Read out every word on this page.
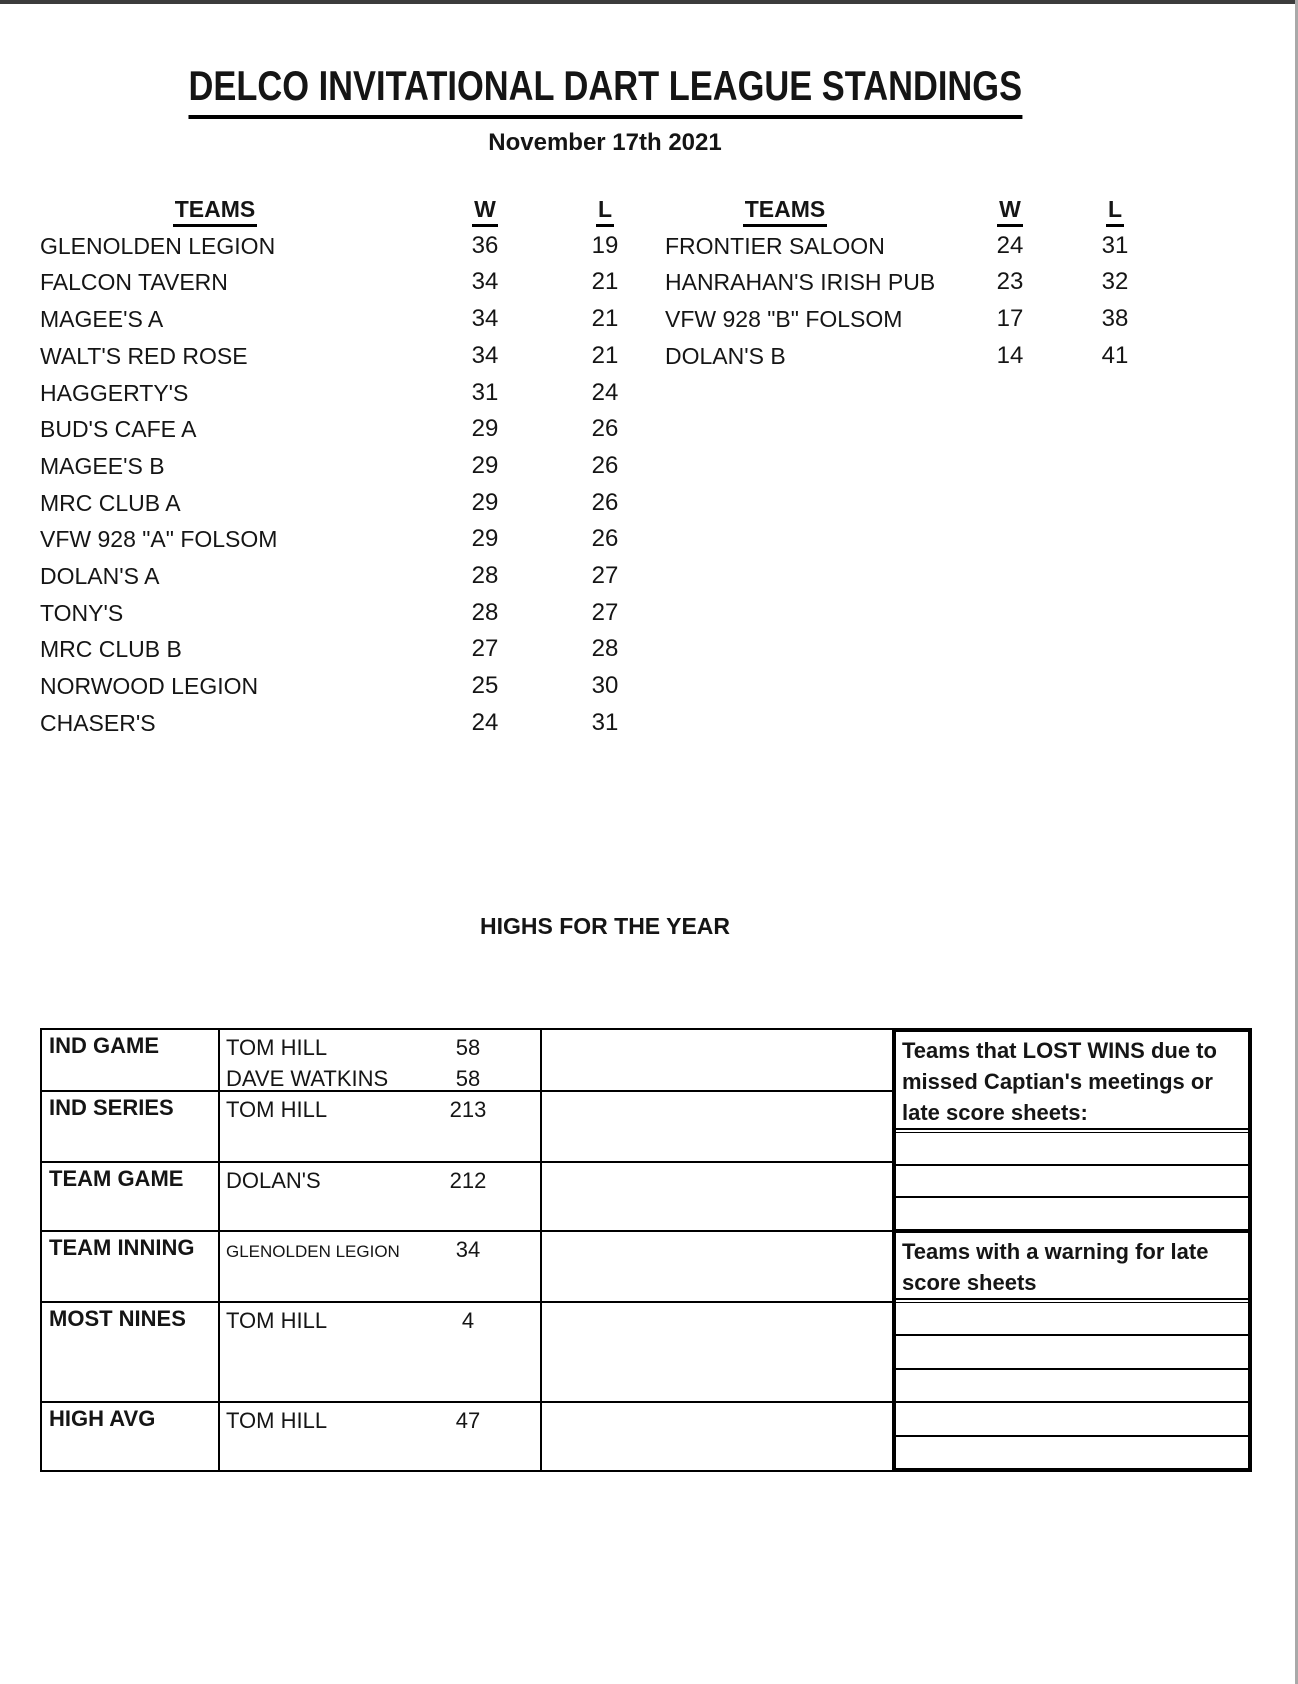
DELCO INVITATIONAL DART LEAGUE STANDINGS
November 17th 2021
TEAMS	W	L
GLENOLDEN LEGION	36	19
FALCON TAVERN	34	21
MAGEE'S A	34	21
WALT'S RED ROSE	34	21
HAGGERTY'S	31	24
BUD'S CAFE A	29	26
MAGEE'S B	29	26
MRC CLUB A	29	26
VFW 928 "A" FOLSOM	29	26
DOLAN'S A	28	27
TONY'S	28	27
MRC CLUB B	27	28
NORWOOD LEGION	25	30
CHASER'S	24	31
TEAMS	W	L
FRONTIER SALOON	24	31
HANRAHAN'S IRISH PUB	23	32
VFW 928 "B" FOLSOM	17	38
DOLAN'S B	14	41
HIGHS FOR THE YEAR
IND GAME	TOM HILL	58
DAVE WATKINS	58
IND SERIES	TOM HILL	213
TEAM GAME	DOLAN'S	212
TEAM INNING	GLENOLDEN LEGION	34
MOST NINES	TOM HILL	4
HIGH AVG	TOM HILL	47
Teams that LOST WINS due to missed Captian's meetings or late score sheets:
Teams with a warning for late score sheets
